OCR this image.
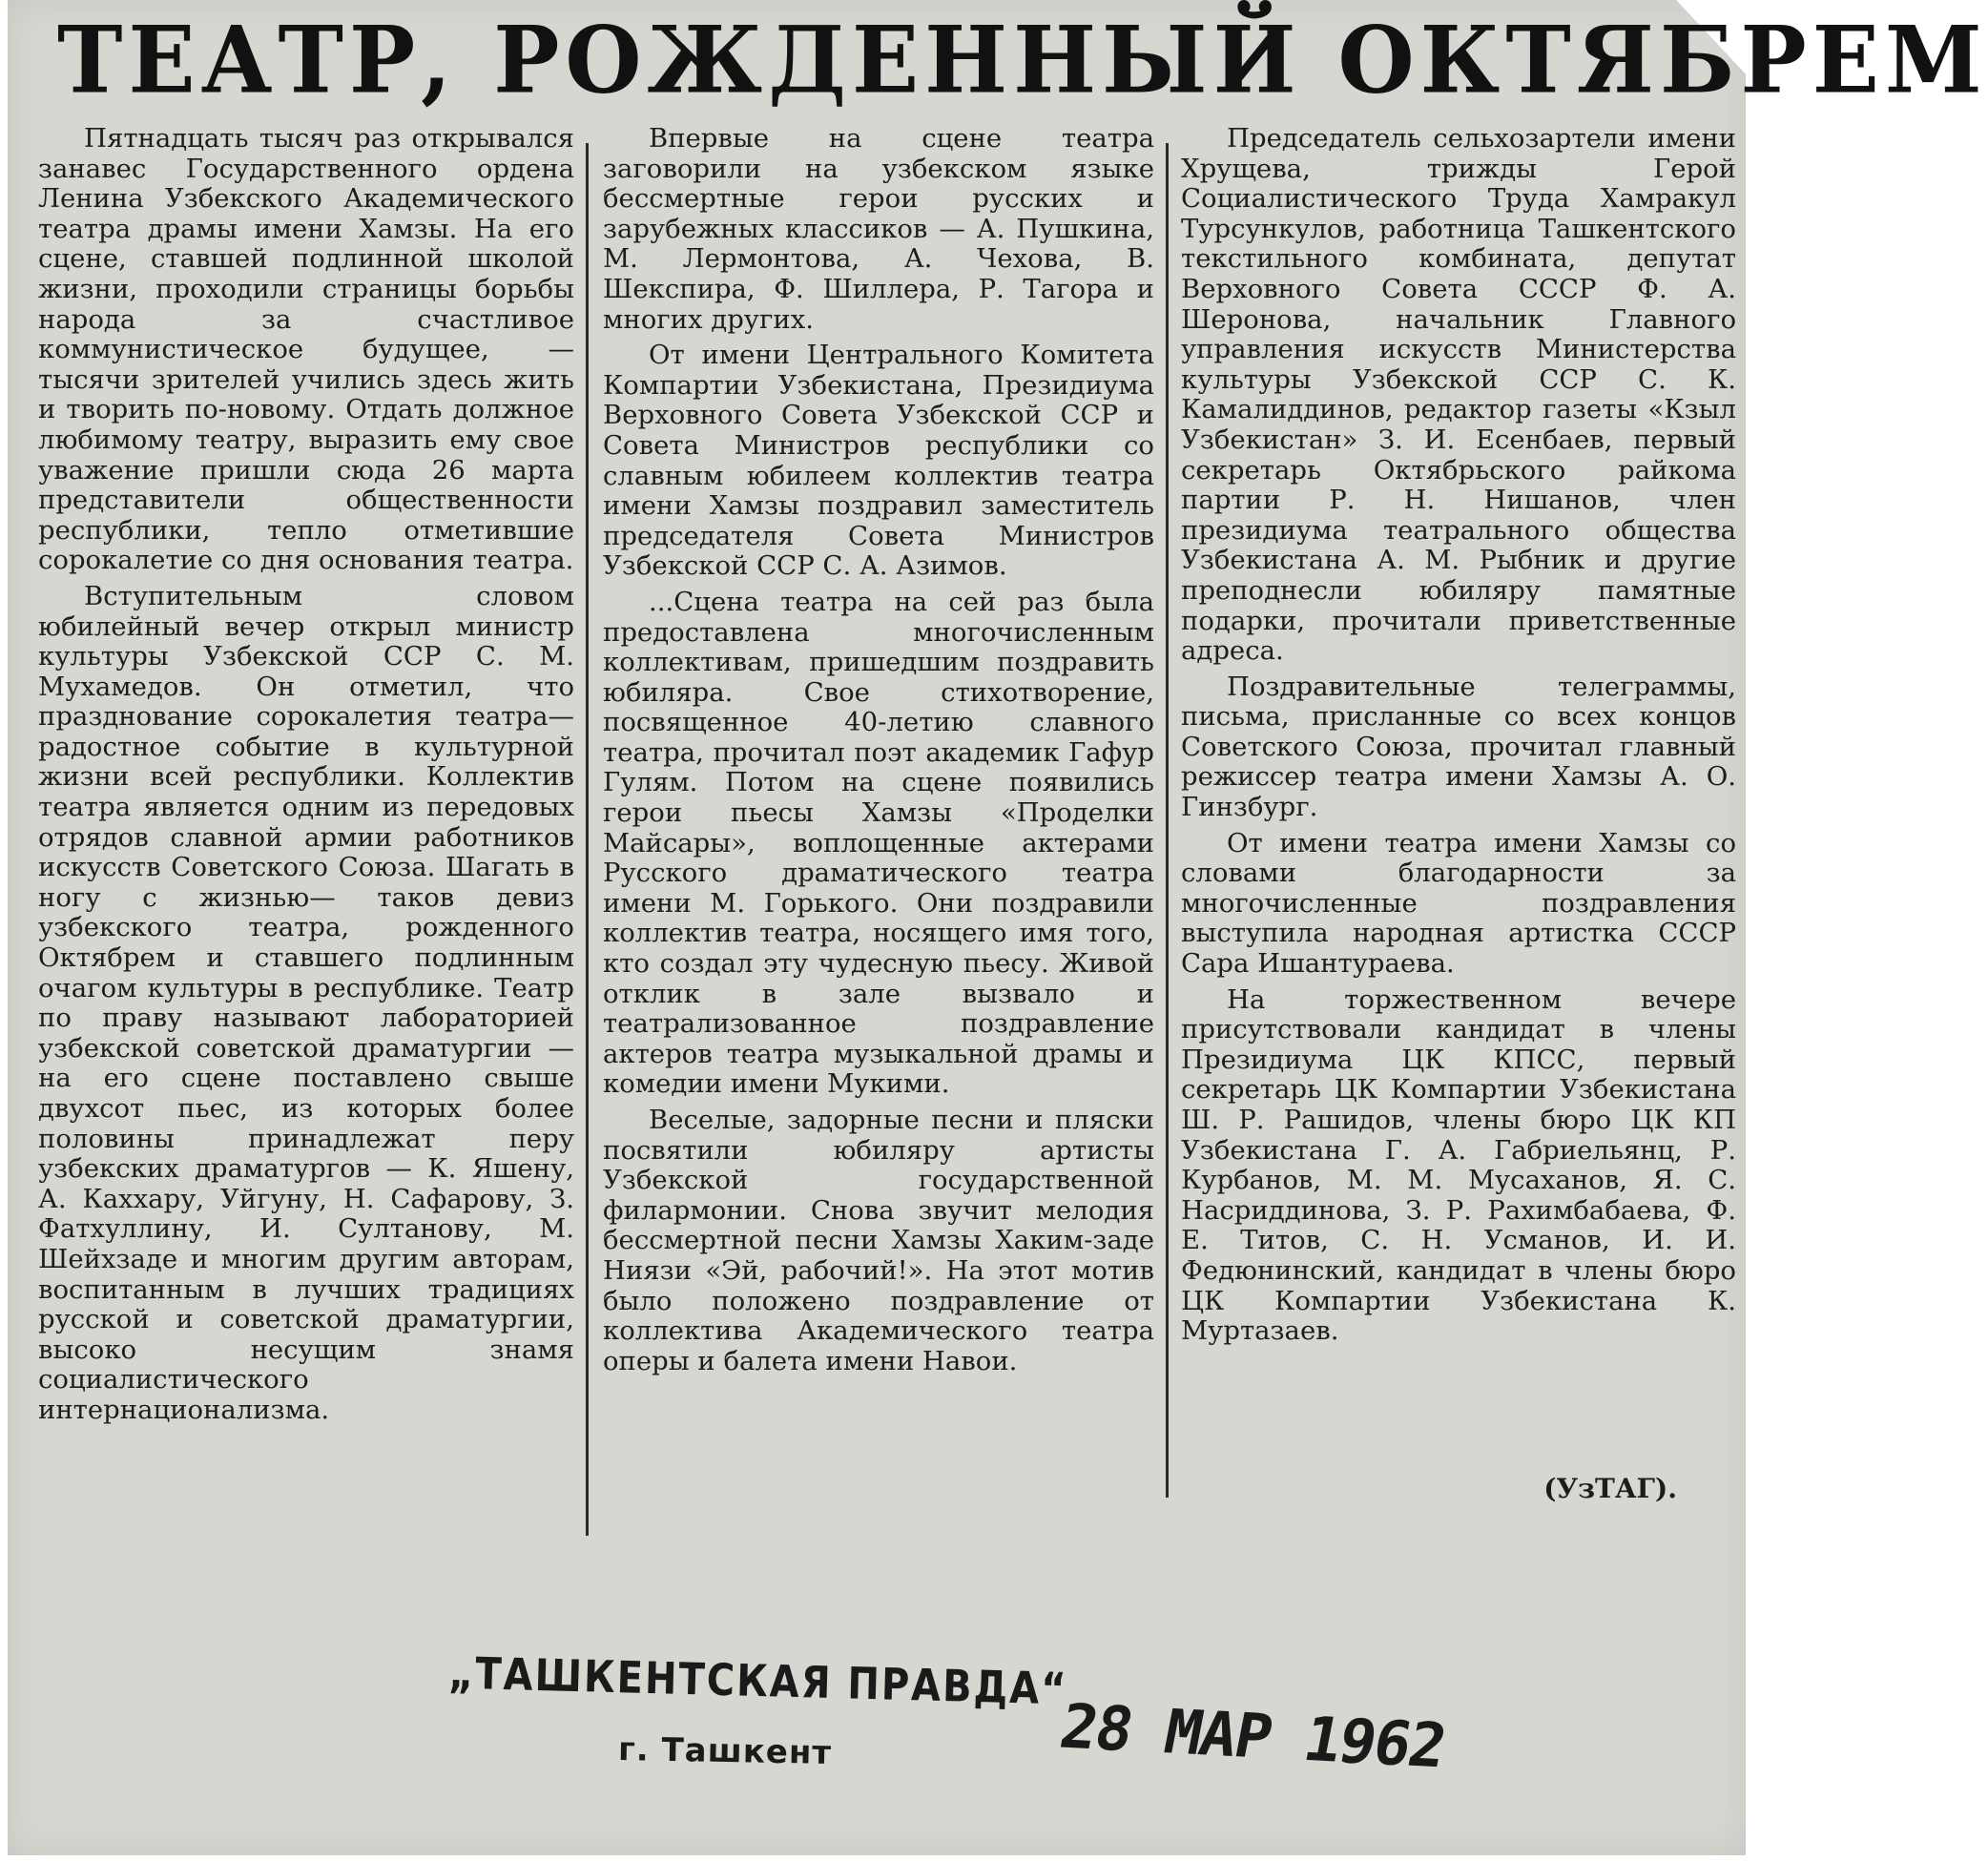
ТЕАТР, РОЖДЕННЫЙ ОКТЯБРЕМ

Пятнадцать тысяч раз открывался занавес Государственного ордена Ленина Узбекского Академического театра драмы имени Хамзы. На его сцене, ставшей подлинной школой жизни, проходили страницы борьбы народа за счастливое коммунистическое будущее, — тысячи зрителей учились здесь жить и творить по-новому. Отдать должное любимому театру, выразить ему свое уважение пришли сюда 26 марта представители общественности республики, тепло отметившие сорокалетие со дня основания театра.

Вступительным словом юбилейный вечер открыл министр культуры Узбекской ССР С. М. Мухамедов. Он отметил, что празднование сорокалетия театра—радостное событие в культурной жизни всей республики. Коллектив театра является одним из передовых отрядов славной армии работников искусств Советского Союза. Шагать в ногу с жизнью— таков девиз узбекского театра, рожденного Октябрем и ставшего подлинным очагом культуры в республике. Театр по праву называют лабораторией узбекской советской драматургии — на его сцене поставлено свыше двухсот пьес, из которых более половины принадлежат перу узбекских драматургов — К. Яшену, А. Каххару, Уйгуну, Н. Сафарову, З. Фатхуллину, И. Султанову, М. Шейхзаде и многим другим авторам, воспитанным в лучших традициях русской и советской драматургии, высоко несущим знамя социалистического интернационализма.

Впервые на сцене театра заговорили на узбекском языке бессмертные герои русских и зарубежных классиков — А. Пушкина, М. Лермонтова, А. Чехова, В. Шекспира, Ф. Шиллера, Р. Тагора и многих других.

От имени Центрального Комитета Компартии Узбекистана, Президиума Верховного Совета Узбекской ССР и Совета Министров республики со славным юбилеем коллектив театра имени Хамзы поздравил заместитель председателя Совета Министров Узбекской ССР С. А. Азимов.

...Сцена театра на сей раз была предоставлена многочисленным коллективам, пришедшим поздравить юбиляра. Свое стихотворение, посвященное 40-летию славного театра, прочитал поэт академик Гафур Гулям. Потом на сцене появились герои пьесы Хамзы «Проделки Майсары», воплощенные актерами Русского драматического театра имени М. Горького. Они поздравили коллектив театра, носящего имя того, кто создал эту чудесную пьесу. Живой отклик в зале вызвало и театрализованное поздравление актеров театра музыкальной драмы и комедии имени Мукими.

Веселые, задорные песни и пляски посвятили юбиляру артисты Узбекской государственной филармонии. Снова звучит мелодия бессмертной песни Хамзы Хаким-заде Ниязи «Эй, рабочий!». На этот мотив было положено поздравление от коллектива Академического театра оперы и балета имени Навои.

Председатель сельхозартели имени Хрущева, трижды Герой Социалистического Труда Хамракул Турсункулов, работница Ташкентского текстильного комбината, депутат Верховного Совета СССР Ф. А. Шеронова, начальник Главного управления искусств Министерства культуры Узбекской ССР С. К. Камалиддинов, редактор газеты «Кзыл Узбекистан» З. И. Есенбаев, первый секретарь Октябрьского райкома партии Р. Н. Нишанов, член президиума театрального общества Узбекистана А. М. Рыбник и другие преподнесли юбиляру памятные подарки, прочитали приветственные адреса.

Поздравительные телеграммы, письма, присланные со всех концов Советского Союза, прочитал главный режиссер театра имени Хамзы А. О. Гинзбург.

От имени театра имени Хамзы со словами благодарности за многочисленные поздравления выступила народная артистка СССР Сара Ишантураева.

На торжественном вечере присутствовали кандидат в члены Президиума ЦК КПСС, первый секретарь ЦК Компартии Узбекистана Ш. Р. Рашидов, члены бюро ЦК КП Узбекистана Г. А. Габриельянц, Р. Курбанов, М. М. Мусаханов, Я. С. Насриддинова, З. Р. Рахимбабаева, Ф. Е. Титов, С. Н. Усманов, И. И. Федюнинский, кандидат в члены бюро ЦК Компартии Узбекистана К. Муртазаев.

(УзТАГ).
„ТАШКЕНТСКАЯ ПРАВДА“
г. Ташкент	28 МАР 1962
